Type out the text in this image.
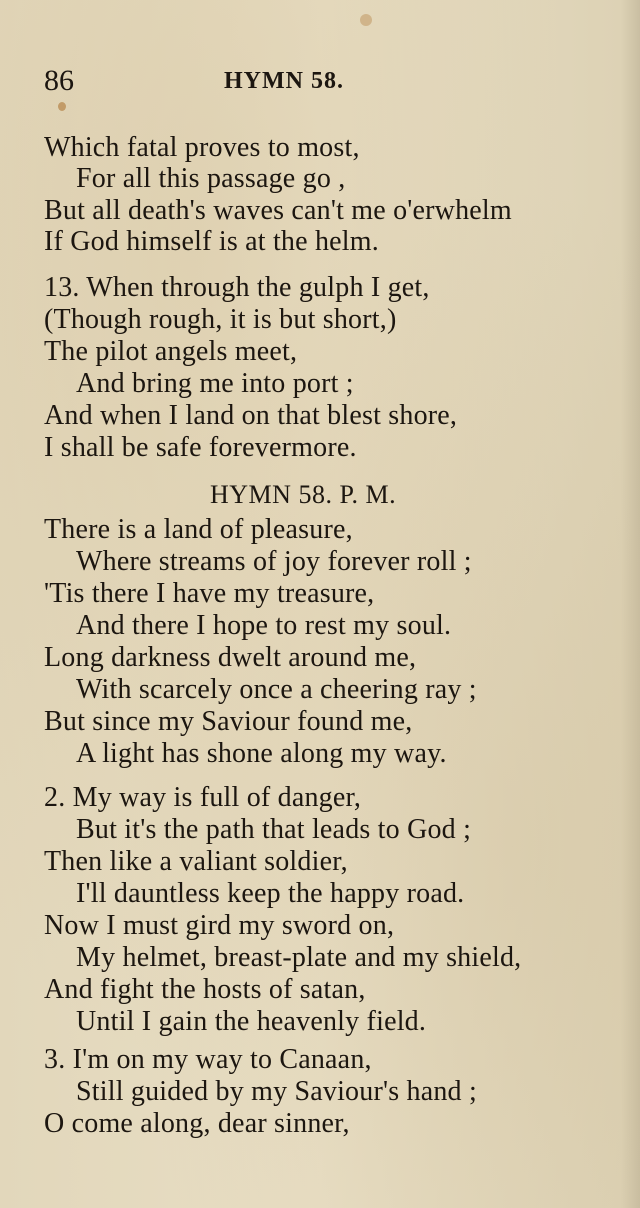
86	HYMN 58.
Which fatal proves to most,
For all this passage go ,
But all death's waves can't me o'erwhelm
If God himself is at the helm.
13. When through the gulph I get,
(Though rough, it is but short,)
The pilot angels meet,
And bring me into port ;
And when I land on that blest shore,
I shall be safe forevermore.
HYMN 58. P. M.
There is a land of pleasure,
Where streams of joy forever roll ;
'Tis there I have my treasure,
And there I hope to rest my soul.
Long darkness dwelt around me,
With scarcely once a cheering ray ;
But since my Saviour found me,
A light has shone along my way.
2. My way is full of danger,
But it's the path that leads to God ;
Then like a valiant soldier,
I'll dauntless keep the happy road.
Now I must gird my sword on,
My helmet, breast-plate and my shield,
And fight the hosts of satan,
Until I gain the heavenly field.
3. I'm on my way to Canaan,
Still guided by my Saviour's hand ;
O come along, dear sinner,
